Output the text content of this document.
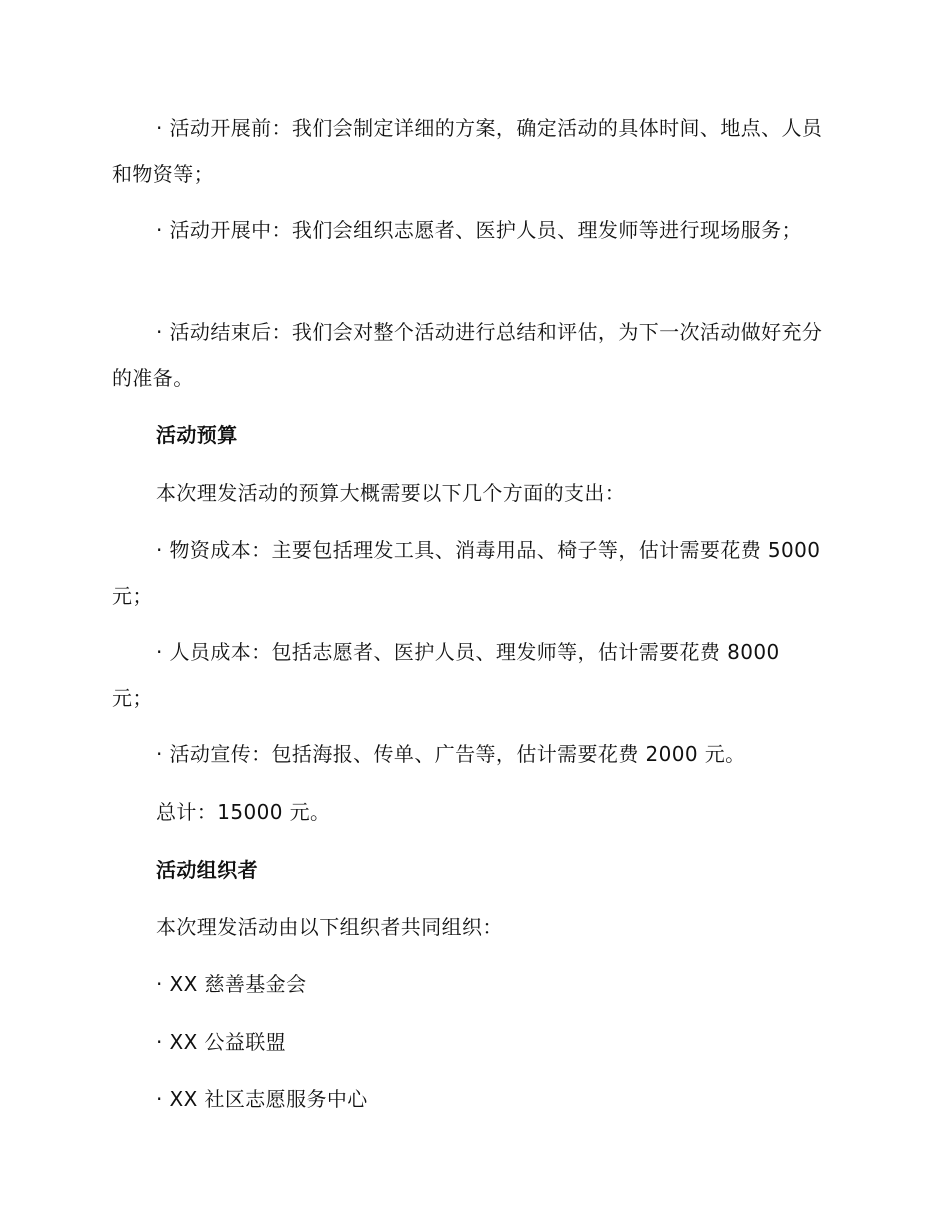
· 活动开展前：我们会制定详细的方案，确定活动的具体时间、地点、人员和物资等；

· 活动开展中：我们会组织志愿者、医护人员、理发师等进行现场服务；

· 活动结束后：我们会对整个活动进行总结和评估，为下一次活动做好充分的准备。

活动预算

本次理发活动的预算大概需要以下几个方面的支出：

· 物资成本：主要包括理发工具、消毒用品、椅子等，估计需要花费 5000 元；

· 人员成本：包括志愿者、医护人员、理发师等，估计需要花费 8000 元；

· 活动宣传：包括海报、传单、广告等，估计需要花费 2000 元。

总计：15000 元。

活动组织者

本次理发活动由以下组织者共同组织：

· XX 慈善基金会

· XX 公益联盟

· XX 社区志愿服务中心
